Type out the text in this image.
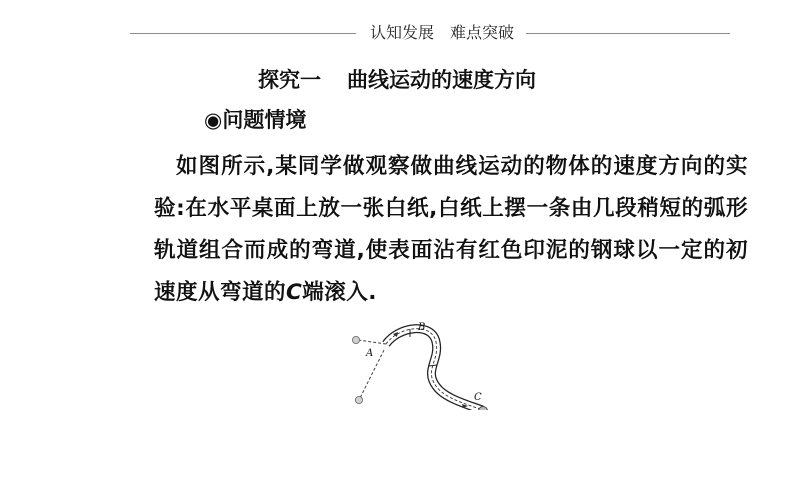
认知发展　难点突破
探究一 曲线运动的速度方向
◉问题情境
如图所示,某同学做观察做曲线运动的物体的速度方向的实验:在水平桌面上放一张白纸,白纸上摆一条由几段稍短的弧形轨道组合而成的弯道,使表面沾有红色印泥的钢球以一定的初速度从弯道的C端滚入.
A
B
C
